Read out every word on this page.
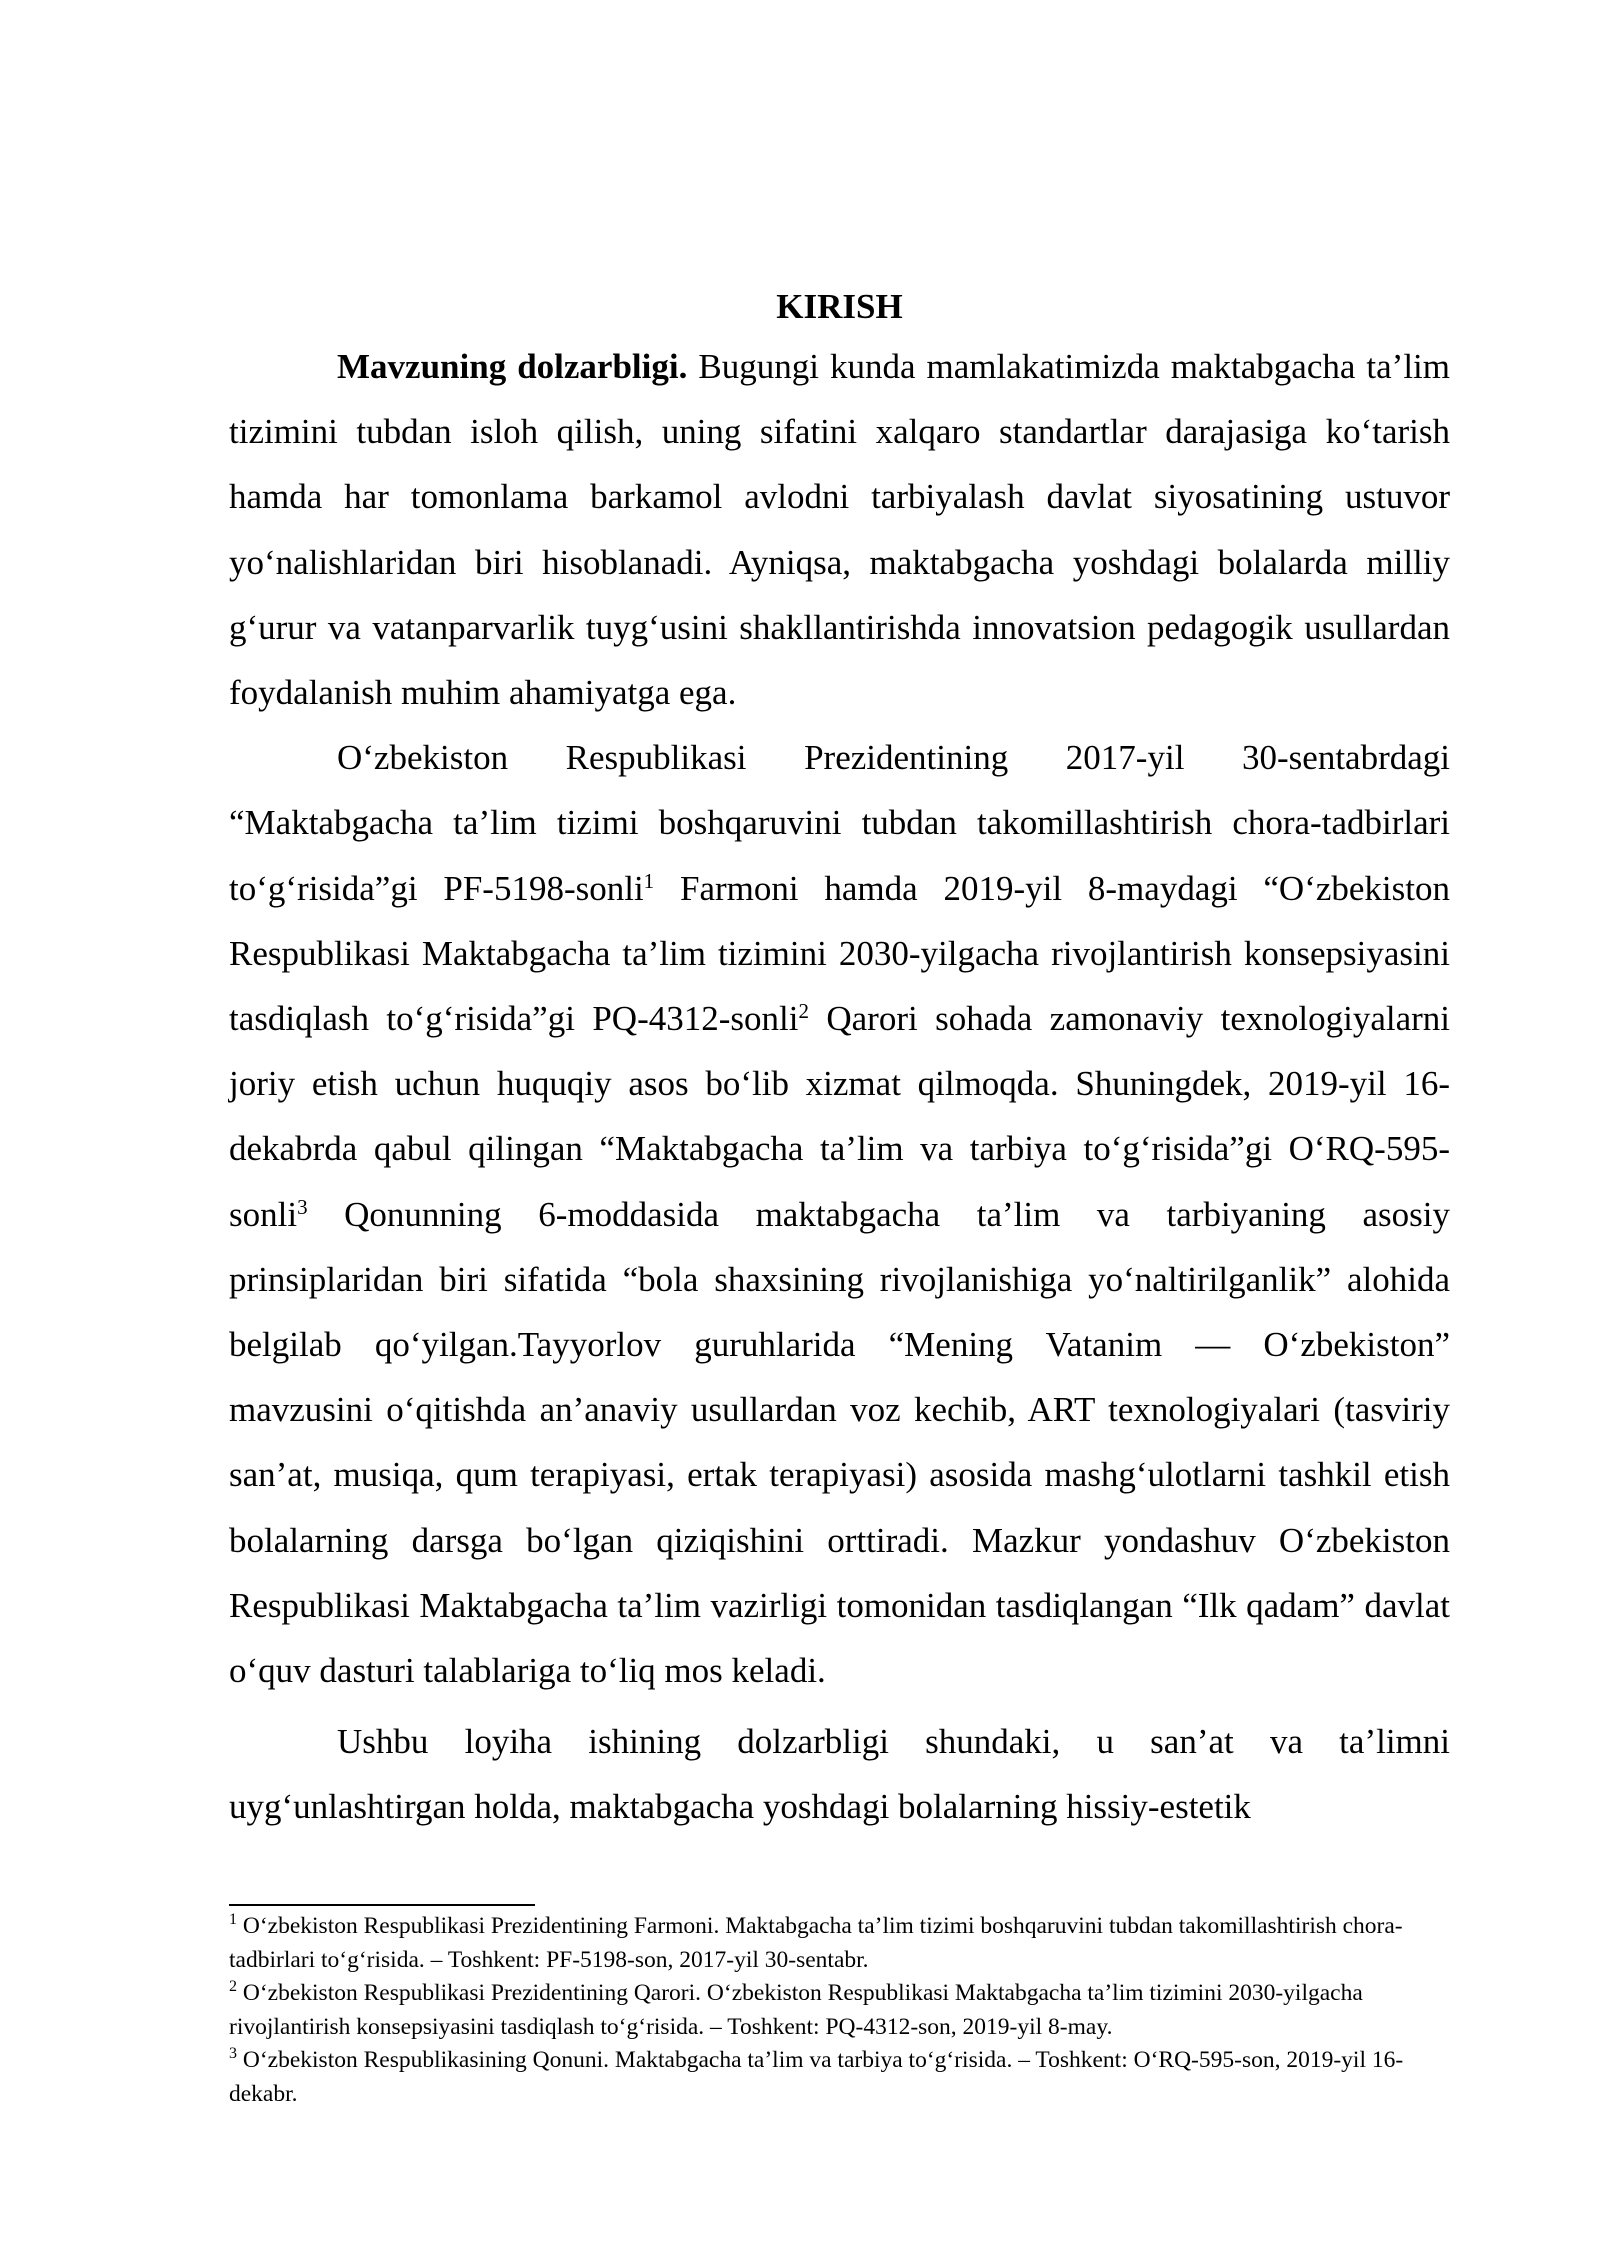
KIRISH

Mavzuning dolzarbligi. Bugungi kunda mamlakatimizda maktabgacha ta’lim tizimini tubdan isloh qilish, uning sifatini xalqaro standartlar darajasiga ko‘tarish hamda har tomonlama barkamol avlodni tarbiyalash davlat siyosatining ustuvor yo‘nalishlaridan biri hisoblanadi. Ayniqsa, maktabgacha yoshdagi bolalarda milliy g‘urur va vatanparvarlik tuyg‘usini shakllantirishda innovatsion pedagogik usullardan foydalanish muhim ahamiyatga ega.

O‘zbekiston Respublikasi Prezidentining 2017-yil 30-sentabrdagi “Maktabgacha ta’lim tizimi boshqaruvini tubdan takomillashtirish chora-tadbirlari to‘g‘risida”gi PF-5198-sonli$^1$ Farmoni hamda 2019-yil 8-maydagi “O‘zbekiston Respublikasi Maktabgacha ta’lim tizimini 2030-yilgacha rivojlantirish konsepsiyasini tasdiqlash to‘g‘risida”gi PQ-4312-sonli$^2$ Qarori sohada zamonaviy texnologiyalarni joriy etish uchun huquqiy asos bo‘lib xizmat qilmoqda. Shuningdek, 2019-yil 16-dekabrda qabul qilingan “Maktabgacha ta’lim va tarbiya to‘g‘risida”gi O‘RQ-595-sonli$^3$ Qonunning 6-moddasida maktabgacha ta’lim va tarbiyaning asosiy prinsiplaridan biri sifatida “bola shaxsining rivojlanishiga yo‘naltirilganlik” alohida belgilab qo‘yilgan.Tayyorlov guruhlarida “Mening Vatanim — O‘zbekiston” mavzusini o‘qitishda an’anaviy usullardan voz kechib, ART texnologiyalari (tasviriy san’at, musiqa, qum terapiyasi, ertak terapiyasi) asosida mashg‘ulotlarni tashkil etish bolalarning darsga bo‘lgan qiziqishini orttiradi. Mazkur yondashuv O‘zbekiston Respublikasi Maktabgacha ta’lim vazirligi tomonidan tasdiqlangan “Ilk qadam” davlat o‘quv dasturi talablariga to‘liq mos keladi.

Ushbu loyiha ishining dolzarbligi shundaki, u san’at va ta’limni uyg‘unlashtirgan holda, maktabgacha yoshdagi bolalarning hissiy-estetik

$^1$ O‘zbekiston Respublikasi Prezidentining Farmoni. Maktabgacha ta’lim tizimi boshqaruvini tubdan takomillashtirish chora-tadbirlari to‘g‘risida. – Toshkent: PF-5198-son, 2017-yil 30-sentabr.

$^2$ O‘zbekiston Respublikasi Prezidentining Qarori. O‘zbekiston Respublikasi Maktabgacha ta’lim tizimini 2030-yilgacha rivojlantirish konsepsiyasini tasdiqlash to‘g‘risida. – Toshkent: PQ-4312-son, 2019-yil 8-may.

$^3$ O‘zbekiston Respublikasining Qonuni. Maktabgacha ta’lim va tarbiya to‘g‘risida. – Toshkent: O‘RQ-595-son, 2019-yil 16-dekabr.
